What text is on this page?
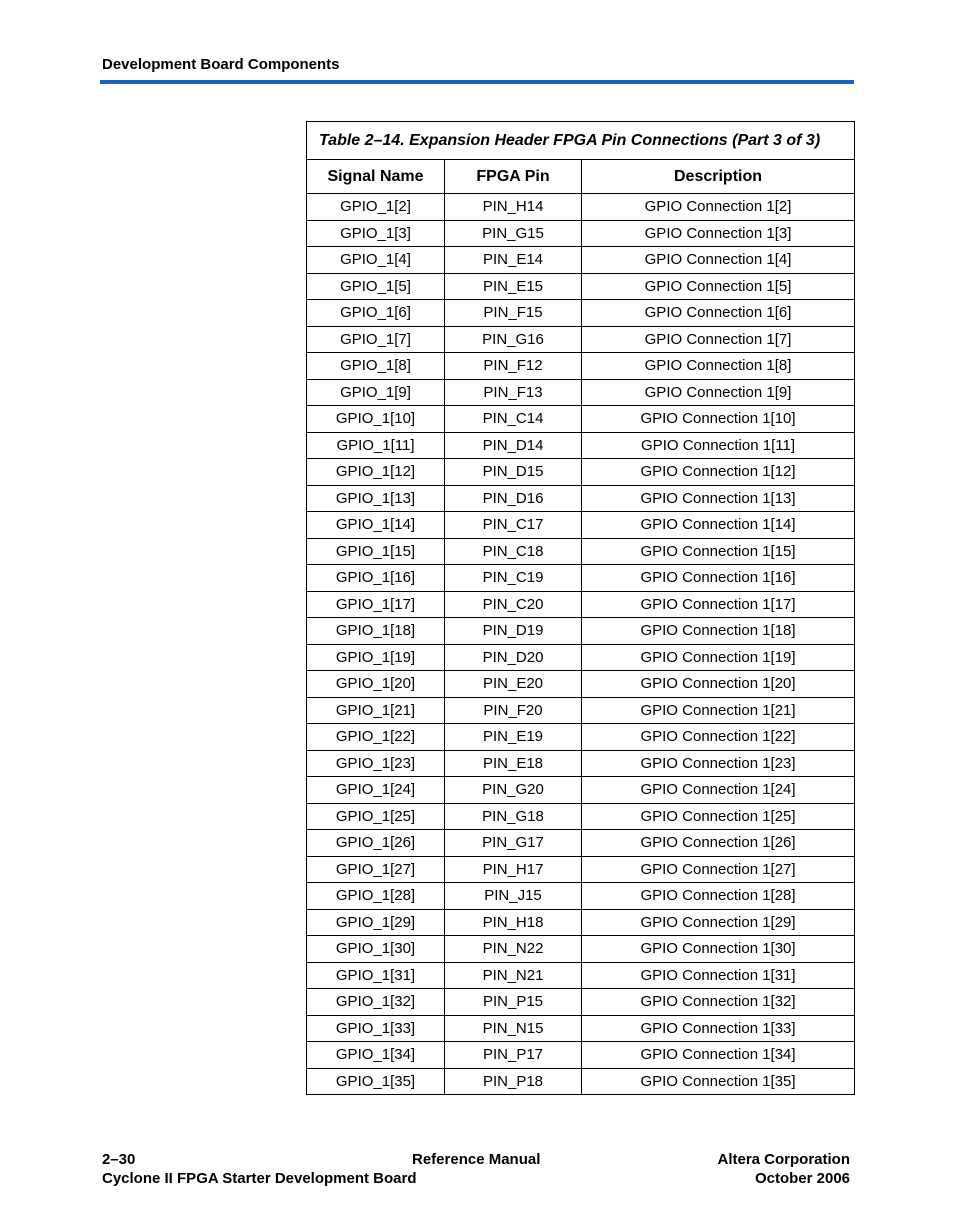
Development Board Components
Table 2–14. Expansion Header FPGA Pin Connections (Part 3 of 3)		
Signal Name	FPGA Pin	Description
GPIO_1[2]	PIN_H14	GPIO Connection 1[2]
GPIO_1[3]	PIN_G15	GPIO Connection 1[3]
GPIO_1[4]	PIN_E14	GPIO Connection 1[4]
GPIO_1[5]	PIN_E15	GPIO Connection 1[5]
GPIO_1[6]	PIN_F15	GPIO Connection 1[6]
GPIO_1[7]	PIN_G16	GPIO Connection 1[7]
GPIO_1[8]	PIN_F12	GPIO Connection 1[8]
GPIO_1[9]	PIN_F13	GPIO Connection 1[9]
GPIO_1[10]	PIN_C14	GPIO Connection 1[10]
GPIO_1[11]	PIN_D14	GPIO Connection 1[11]
GPIO_1[12]	PIN_D15	GPIO Connection 1[12]
GPIO_1[13]	PIN_D16	GPIO Connection 1[13]
GPIO_1[14]	PIN_C17	GPIO Connection 1[14]
GPIO_1[15]	PIN_C18	GPIO Connection 1[15]
GPIO_1[16]	PIN_C19	GPIO Connection 1[16]
GPIO_1[17]	PIN_C20	GPIO Connection 1[17]
GPIO_1[18]	PIN_D19	GPIO Connection 1[18]
GPIO_1[19]	PIN_D20	GPIO Connection 1[19]
GPIO_1[20]	PIN_E20	GPIO Connection 1[20]
GPIO_1[21]	PIN_F20	GPIO Connection 1[21]
GPIO_1[22]	PIN_E19	GPIO Connection 1[22]
GPIO_1[23]	PIN_E18	GPIO Connection 1[23]
GPIO_1[24]	PIN_G20	GPIO Connection 1[24]
GPIO_1[25]	PIN_G18	GPIO Connection 1[25]
GPIO_1[26]	PIN_G17	GPIO Connection 1[26]
GPIO_1[27]	PIN_H17	GPIO Connection 1[27]
GPIO_1[28]	PIN_J15	GPIO Connection 1[28]
GPIO_1[29]	PIN_H18	GPIO Connection 1[29]
GPIO_1[30]	PIN_N22	GPIO Connection 1[30]
GPIO_1[31]	PIN_N21	GPIO Connection 1[31]
GPIO_1[32]	PIN_P15	GPIO Connection 1[32]
GPIO_1[33]	PIN_N15	GPIO Connection 1[33]
GPIO_1[34]	PIN_P17	GPIO Connection 1[34]
GPIO_1[35]	PIN_P18	GPIO Connection 1[35]
2–30
Cyclone II FPGA Starter Development Board
Reference Manual	Altera Corporation
October 2006
